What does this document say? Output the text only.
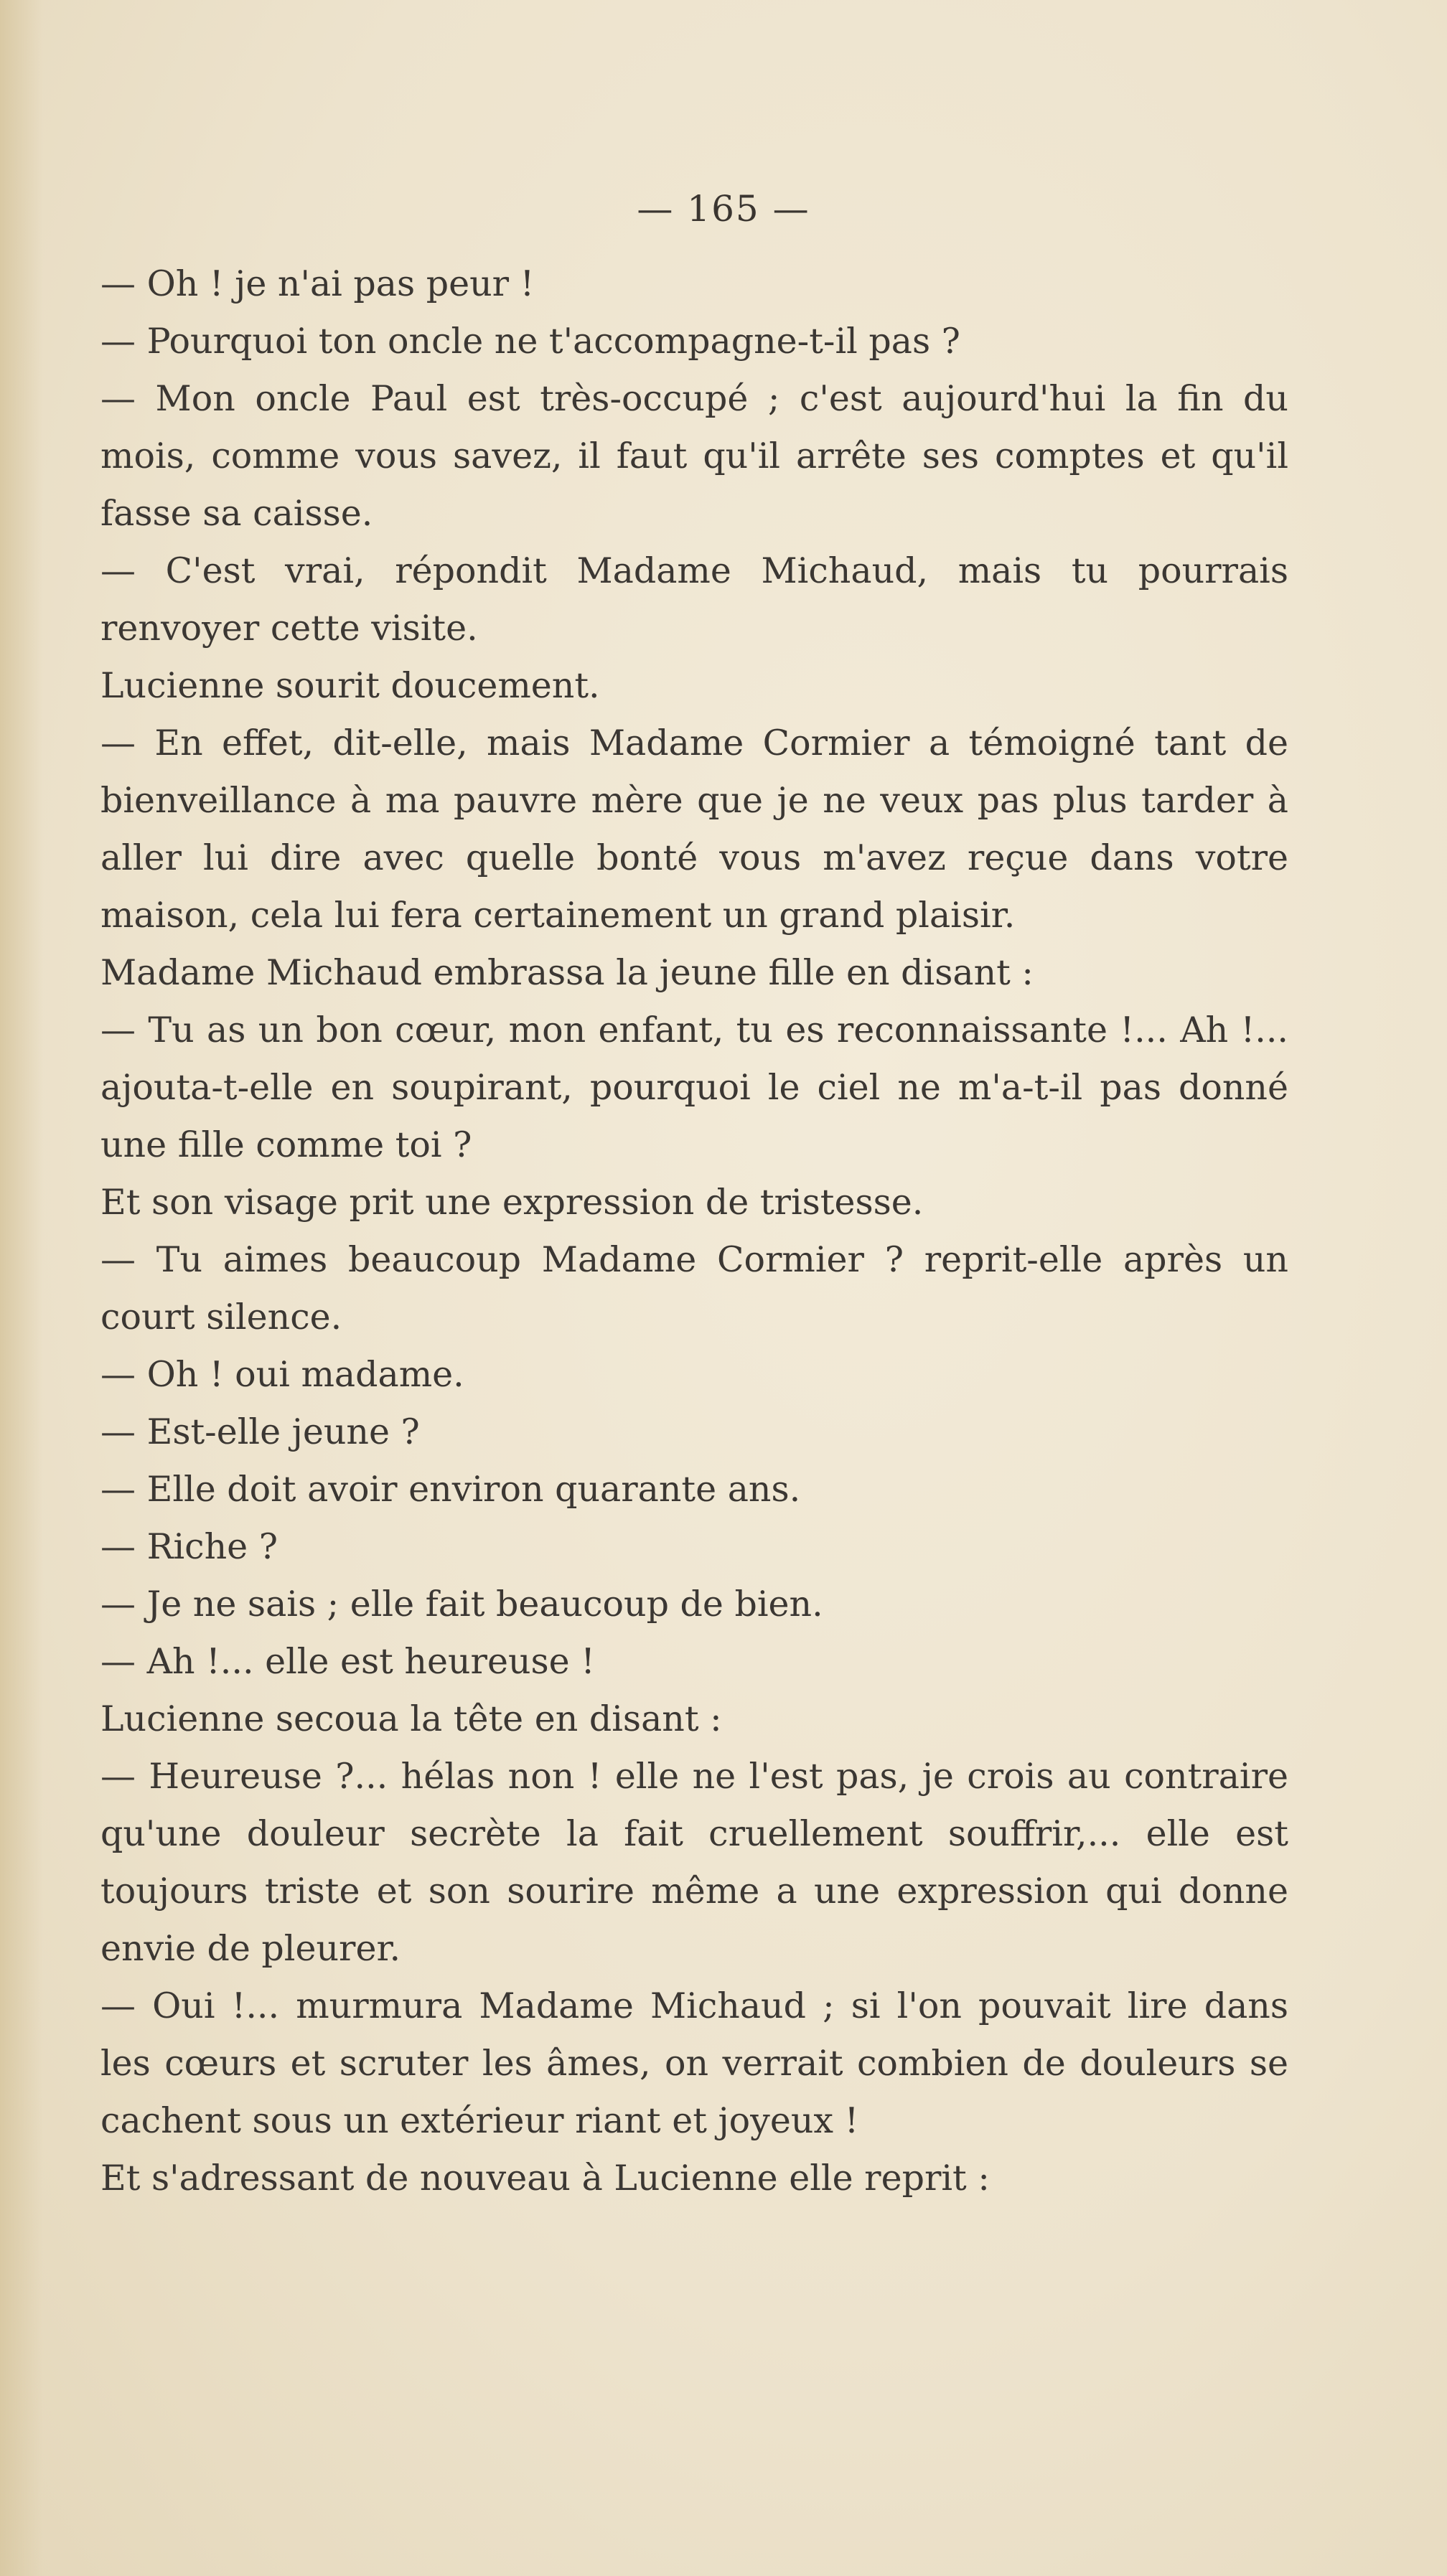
— 165 —

— Oh ! je n'ai pas peur !

— Pourquoi ton oncle ne t'accompagne-t-il pas ?

— Mon oncle Paul est très-occupé ; c'est aujourd'hui la fin du mois, comme vous savez, il faut qu'il arrête ses comptes et qu'il fasse sa caisse.

— C'est vrai, répondit Madame Michaud, mais tu pourrais renvoyer cette visite.

Lucienne sourit doucement.

— En effet, dit-elle, mais Madame Cormier a témoigné tant de bienveillance à ma pauvre mère que je ne veux pas plus tarder à aller lui dire avec quelle bonté vous m'avez reçue dans votre maison, cela lui fera certainement un grand plaisir.

Madame Michaud embrassa la jeune fille en disant :

— Tu as un bon cœur, mon enfant, tu es reconnaissante !... Ah !... ajouta-t-elle en soupirant, pourquoi le ciel ne m'a-t-il pas donné une fille comme toi ?

Et son visage prit une expression de tristesse.

— Tu aimes beaucoup Madame Cormier ? reprit-elle après un court silence.

— Oh ! oui madame.

— Est-elle jeune ?

— Elle doit avoir environ quarante ans.

— Riche ?

— Je ne sais ; elle fait beaucoup de bien.

— Ah !... elle est heureuse !

Lucienne secoua la tête en disant :

— Heureuse ?... hélas non ! elle ne l'est pas, je crois au contraire qu'une douleur secrète la fait cruellement souffrir,... elle est toujours triste et son sourire même a une expression qui donne envie de pleurer.

— Oui !... murmura Madame Michaud ; si l'on pouvait lire dans les cœurs et scruter les âmes, on verrait combien de douleurs se cachent sous un extérieur riant et joyeux !

Et s'adressant de nouveau à Lucienne elle reprit :
